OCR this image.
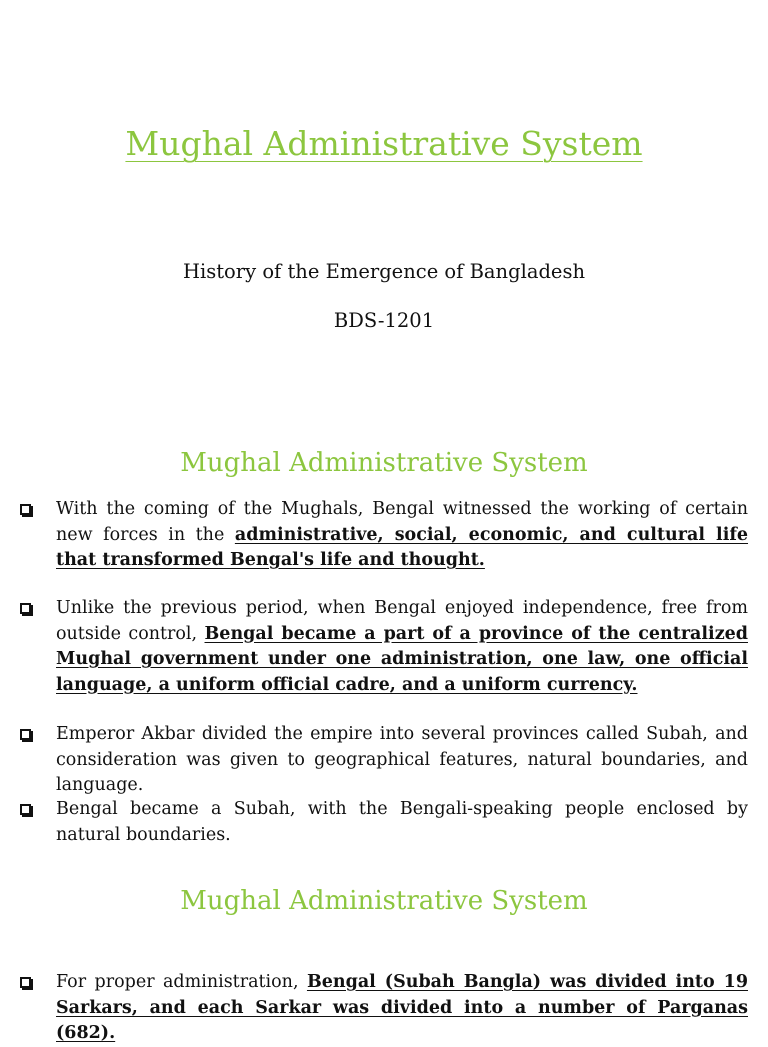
Mughal Administrative System
History of the Emergence of Bangladesh
BDS-1201
Mughal Administrative System
With the coming of the Mughals, Bengal witnessed the working of certain new forces in the administrative, social, economic, and cultural life that transformed Bengal's life and thought.
Unlike the previous period, when Bengal enjoyed independence, free from outside control, Bengal became a part of a province of the centralized Mughal government under one administration, one law, one official language, a uniform official cadre, and a uniform currency.
Emperor Akbar divided the empire into several provinces called Subah, and consideration was given to geographical features, natural boundaries, and language.
Bengal became a Subah, with the Bengali-speaking people enclosed by natural boundaries.
Mughal Administrative System
For proper administration, Bengal (Subah Bangla) was divided into 19 Sarkars, and each Sarkar was divided into a number of Parganas (682).
